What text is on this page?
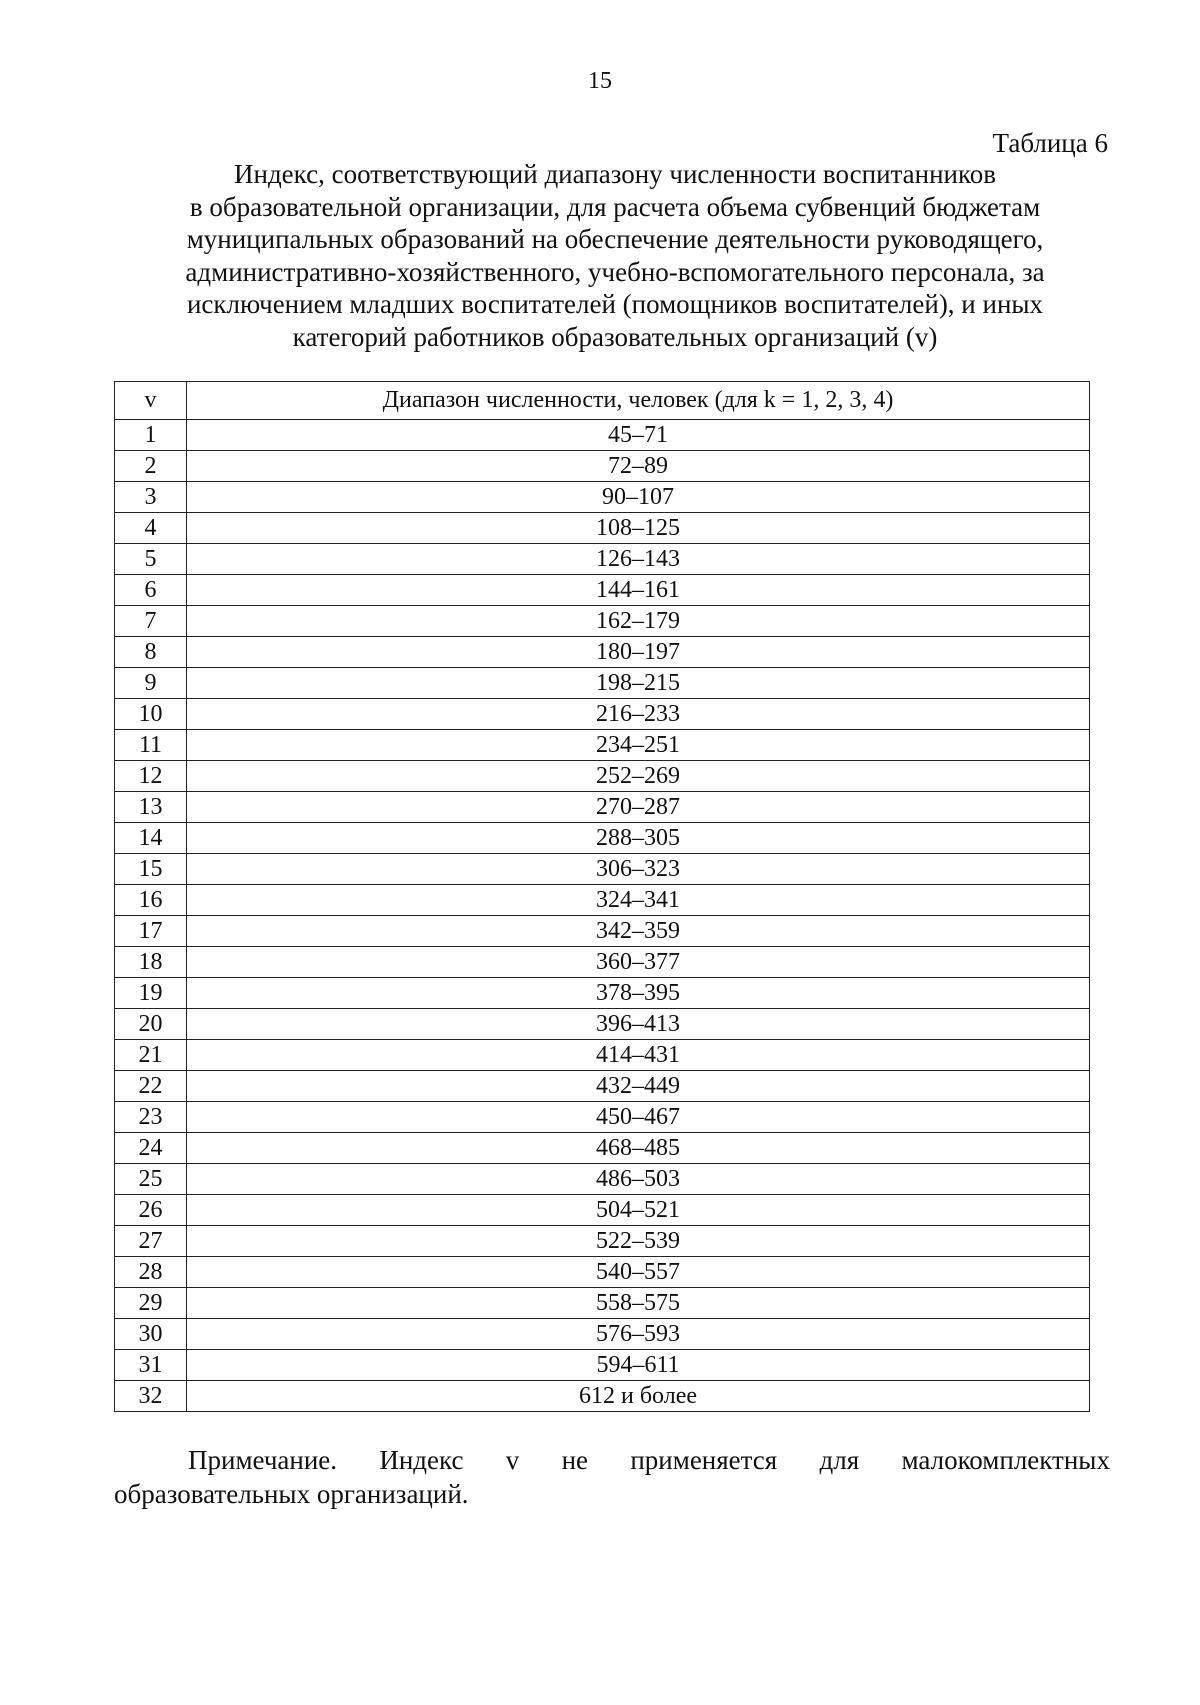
15
Таблица 6
Индекс, соответствующий диапазону численности воспитанников
в образовательной организации, для расчета объема субвенций бюджетам
муниципальных образований на обеспечение деятельности руководящего,
административно-хозяйственного, учебно-вспомогательного персонала, за
исключением младших воспитателей (помощников воспитателей), и иных
категорий работников образовательных организаций (v)
v	Диапазон численности, человек (для k = 1, 2, 3, 4)
1	45–71
2	72–89
3	90–107
4	108–125
5	126–143
6	144–161
7	162–179
8	180–197
9	198–215
10	216–233
11	234–251
12	252–269
13	270–287
14	288–305
15	306–323
16	324–341
17	342–359
18	360–377
19	378–395
20	396–413
21	414–431
22	432–449
23	450–467
24	468–485
25	486–503
26	504–521
27	522–539
28	540–557
29	558–575
30	576–593
31	594–611
32	612 и более
Примечание. Индекс v не применяется для малокомплектных
образовательных организаций.
